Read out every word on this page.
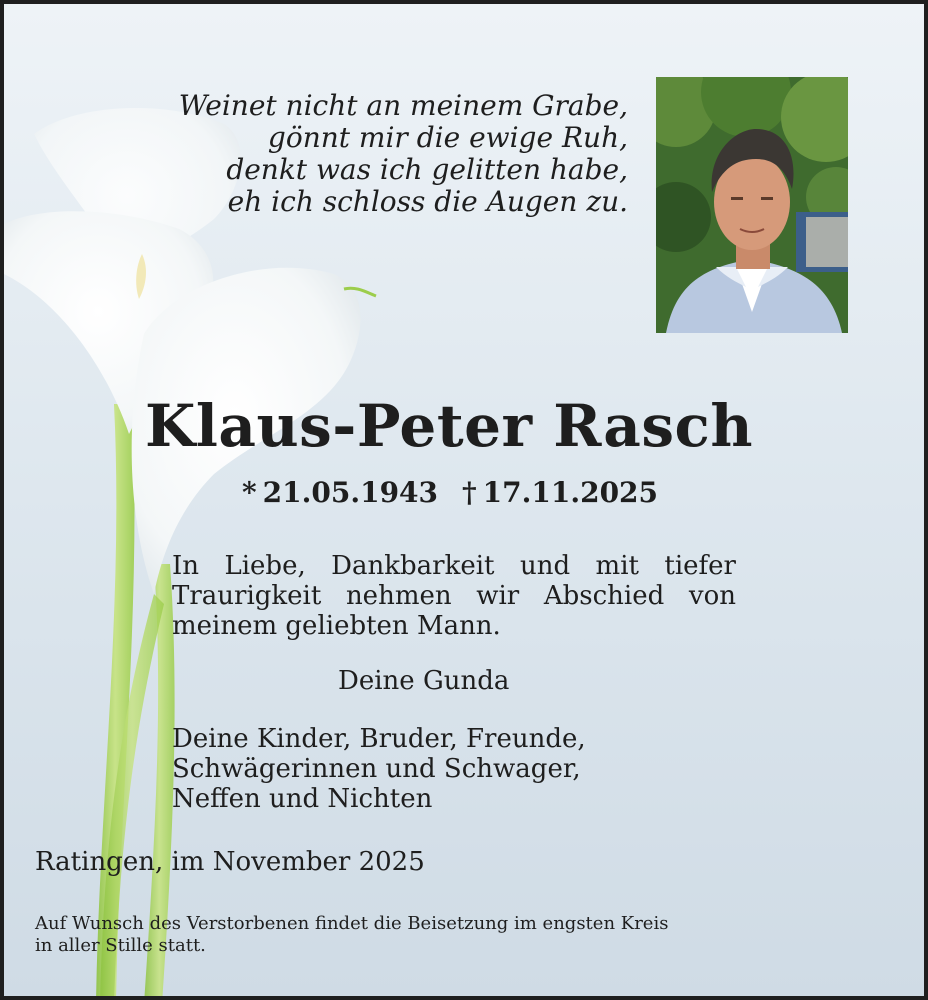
Weinet nicht an meinem Grabe,
gönnt mir die ewige Ruh,
denkt was ich gelitten habe,
eh ich schloss die Augen zu.
Klaus-Peter Rasch
* 21.05.1943 † 17.11.2025
In Liebe, Dankbarkeit und mit tiefer
Traurigkeit nehmen wir Abschied von
meinem geliebten Mann.
Deine Gunda
Deine Kinder, Bruder, Freunde,
Schwägerinnen und Schwager,
Neffen und Nichten
Ratingen, im November 2025
Auf Wunsch des Verstorbenen findet die Beisetzung im engsten Kreis
in aller Stille statt.
